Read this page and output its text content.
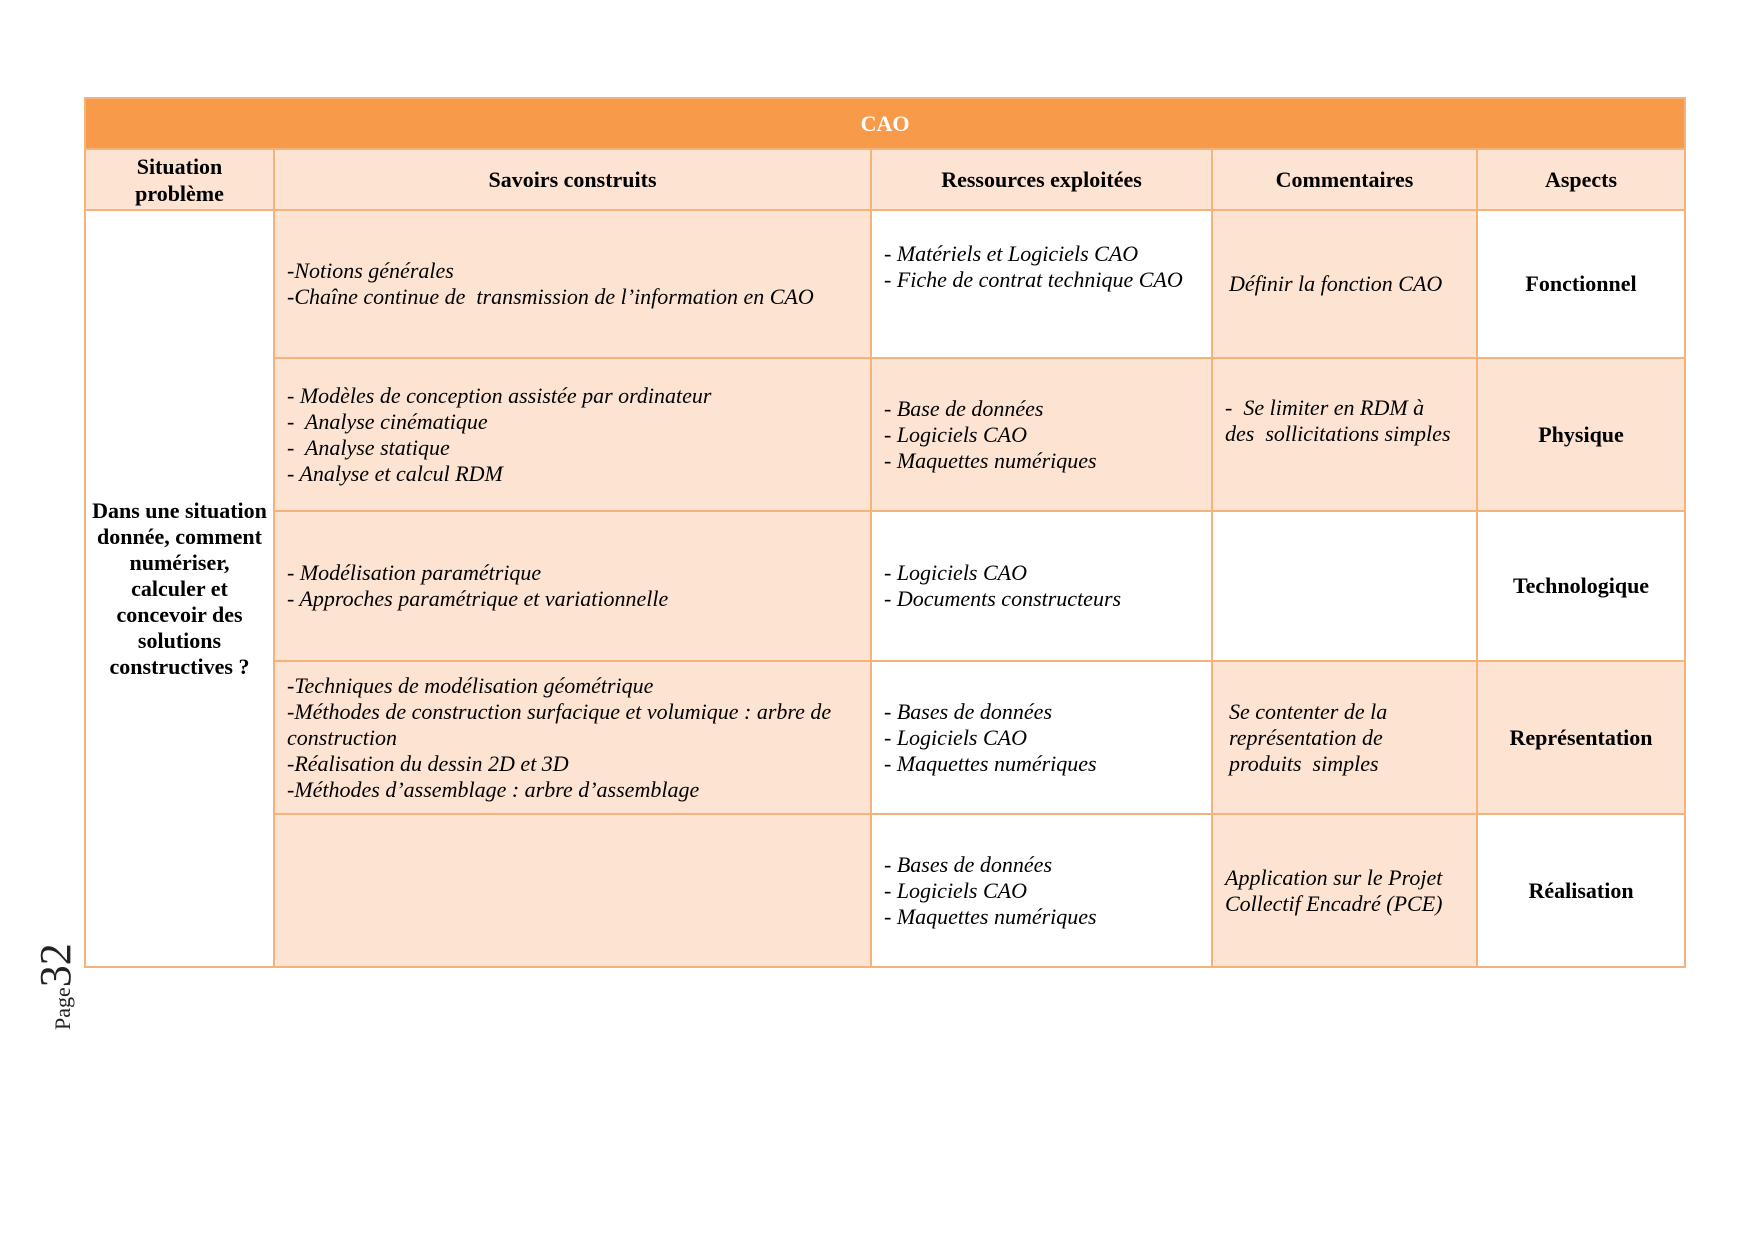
CAO				
Situation problème	Savoirs construits	Ressources exploitées	Commentaires	Aspects
Dans une situation donnée, comment numériser, calculer et concevoir des solutions constructives ?	-Notions générales
-Chaîne continue de  transmission de l’information en CAO	- Matériels et Logiciels CAO
- Fiche de contrat technique CAO	Définir la fonction CAO	Fonctionnel

	- Modèles de conception assistée par ordinateur
-  Analyse cinématique
-  Analyse statique
- Analyse et calcul RDM	- Base de données
- Logiciels CAO
- Maquettes numériques	-  Se limiter en RDM à
des  sollicitations simples	Physique

	- Modélisation paramétrique
- Approches paramétrique et variationnelle	- Logiciels CAO
- Documents constructeurs		Technologique

	-Techniques de modélisation géométrique
-Méthodes de construction surfacique et volumique : arbre de construction
-Réalisation du dessin 2D et 3D
-Méthodes d’assemblage : arbre d’assemblage	- Bases de données
- Logiciels CAO
- Maquettes numériques	Se contenter de la
représentation de
produits  simples	Représentation

		- Bases de données
- Logiciels CAO
- Maquettes numériques	Application sur le Projet
Collectif Encadré (PCE)	Réalisation
Page32
